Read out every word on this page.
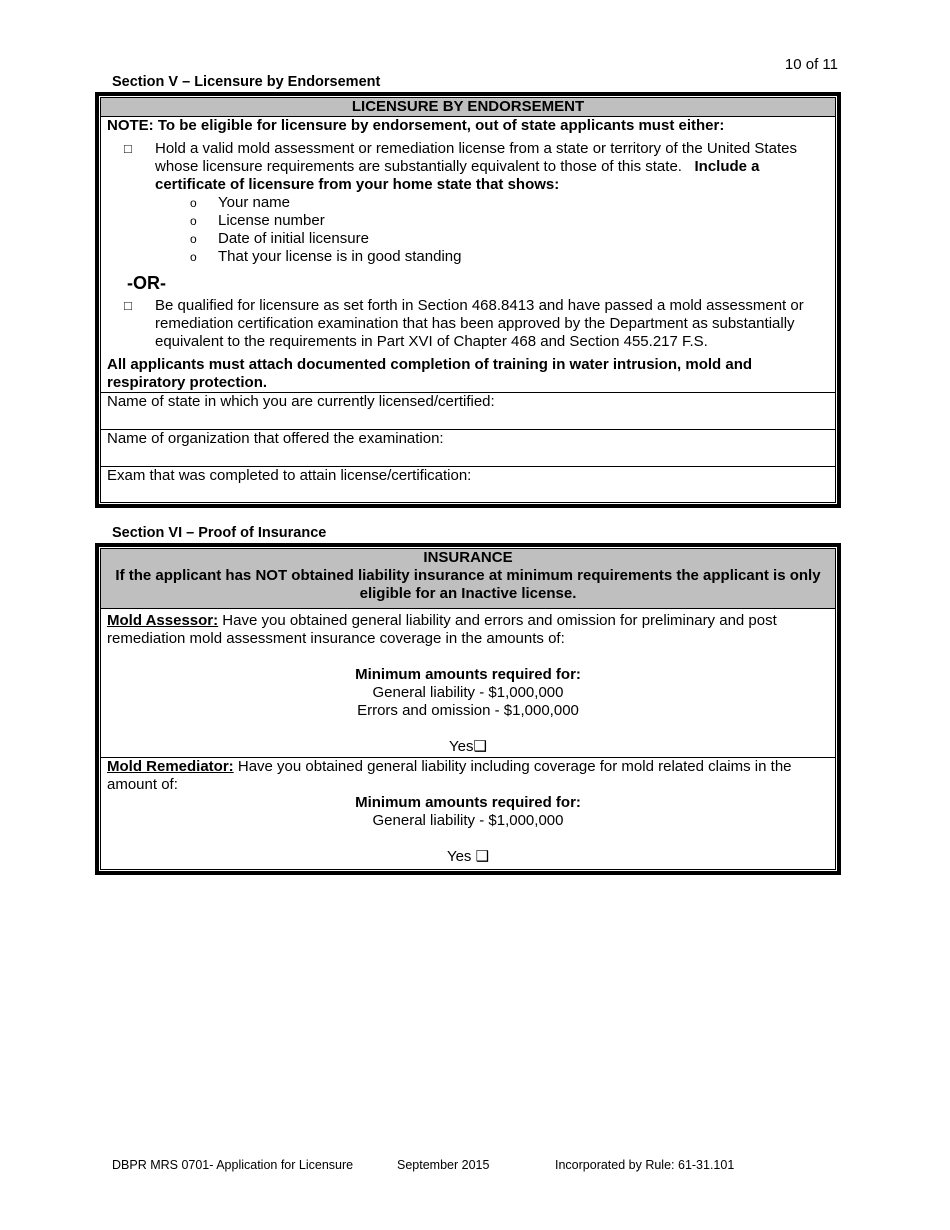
10 of 11
Section V – Licensure by Endorsement
LICENSURE BY ENDORSEMENT
NOTE: To be eligible for licensure by endorsement, out of state applicants must either:
□	Hold a valid mold assessment or remediation license from a state or territory of the United States whose licensure requirements are substantially equivalent to those of this state. Include a certificate of licensure from your home state that shows:
o	Your name
o	License number
o	Date of initial licensure
o	That your license is in good standing
-OR-
□	Be qualified for licensure as set forth in Section 468.8413 and have passed a mold assessment or remediation certification examination that has been approved by the Department as substantially equivalent to the requirements in Part XVI of Chapter 468 and Section 455.217 F.S.
All applicants must attach documented completion of training in water intrusion, mold and respiratory protection.
Name of state in which you are currently licensed/certified:
Name of organization that offered the examination:
Exam that was completed to attain license/certification:
Section VI – Proof of Insurance
INSURANCE
If the applicant has NOT obtained liability insurance at minimum requirements the applicant is only eligible for an Inactive license.
Mold Assessor: Have you obtained general liability and errors and omission for preliminary and post remediation mold assessment insurance coverage in the amounts of:
Minimum amounts required for:
General liability - $1,000,000
Errors and omission - $1,000,000
Yes❑
Mold Remediator: Have you obtained general liability including coverage for mold related claims in the amount of:
Minimum amounts required for:
General liability - $1,000,000
Yes ❑
DBPR MRS 0701- Application for Licensure	September 2015	Incorporated by Rule: 61-31.101
